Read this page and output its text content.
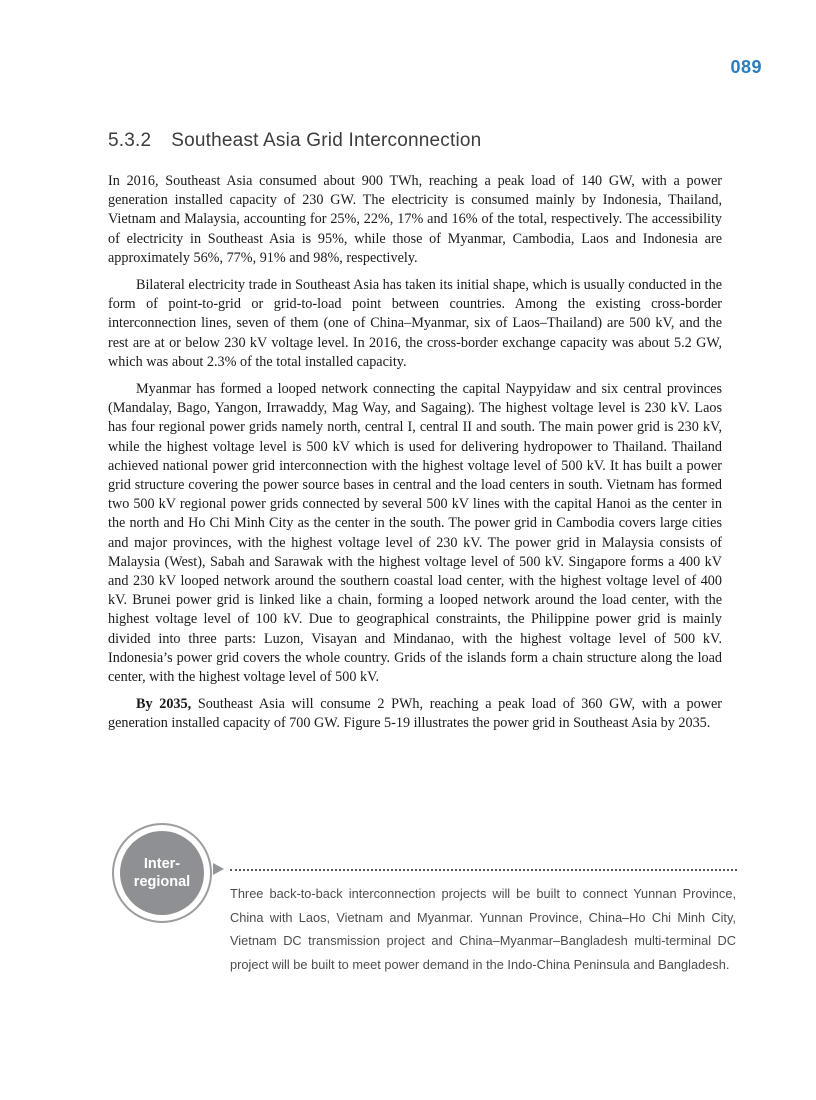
089
5.3.2 Southeast Asia Grid Interconnection

In 2016, Southeast Asia consumed about 900 TWh, reaching a peak load of 140 GW, with a power generation installed capacity of 230 GW. The electricity is consumed mainly by Indonesia, Thailand, Vietnam and Malaysia, accounting for 25%, 22%, 17% and 16% of the total, respectively. The accessibility of electricity in Southeast Asia is 95%, while those of Myanmar, Cambodia, Laos and Indonesia are approximately 56%, 77%, 91% and 98%, respectively.

Bilateral electricity trade in Southeast Asia has taken its initial shape, which is usually conducted in the form of point-to-grid or grid-to-load point between countries. Among the existing cross-border interconnection lines, seven of them (one of China–Myanmar, six of Laos–Thailand) are 500 kV, and the rest are at or below 230 kV voltage level. In 2016, the cross-border exchange capacity was about 5.2 GW, which was about 2.3% of the total installed capacity.

Myanmar has formed a looped network connecting the capital Naypyidaw and six central provinces (Mandalay, Bago, Yangon, Irrawaddy, Mag Way, and Sagaing). The highest voltage level is 230 kV. Laos has four regional power grids namely north, central I, central II and south. The main power grid is 230 kV, while the highest voltage level is 500 kV which is used for delivering hydropower to Thailand. Thailand achieved national power grid interconnection with the highest voltage level of 500 kV. It has built a power grid structure covering the power source bases in central and the load centers in south. Vietnam has formed two 500 kV regional power grids connected by several 500 kV lines with the capital Hanoi as the center in the north and Ho Chi Minh City as the center in the south. The power grid in Cambodia covers large cities and major provinces, with the highest voltage level of 230 kV. The power grid in Malaysia consists of Malaysia (West), Sabah and Sarawak with the highest voltage level of 500 kV. Singapore forms a 400 kV and 230 kV looped network around the southern coastal load center, with the highest voltage level of 400 kV. Brunei power grid is linked like a chain, forming a looped network around the load center, with the highest voltage level of 100 kV. Due to geographical constraints, the Philippine power grid is mainly divided into three parts: Luzon, Visayan and Mindanao, with the highest voltage level of 500 kV. Indonesia’s power grid covers the whole country. Grids of the islands form a chain structure along the load center, with the highest voltage level of 500 kV.

By 2035, Southeast Asia will consume 2 PWh, reaching a peak load of 360 GW, with a power generation installed capacity of 700 GW. Figure 5-19 illustrates the power grid in Southeast Asia by 2035.

Inter-
regional

Three back-to-back interconnection projects will be built to connect Yunnan Province, China with Laos, Vietnam and Myanmar. Yunnan Province, China–Ho Chi Minh City, Vietnam DC transmission project and China–Myanmar–Bangladesh multi-terminal DC project will be built to meet power demand in the Indo-China Peninsula and Bangladesh.
